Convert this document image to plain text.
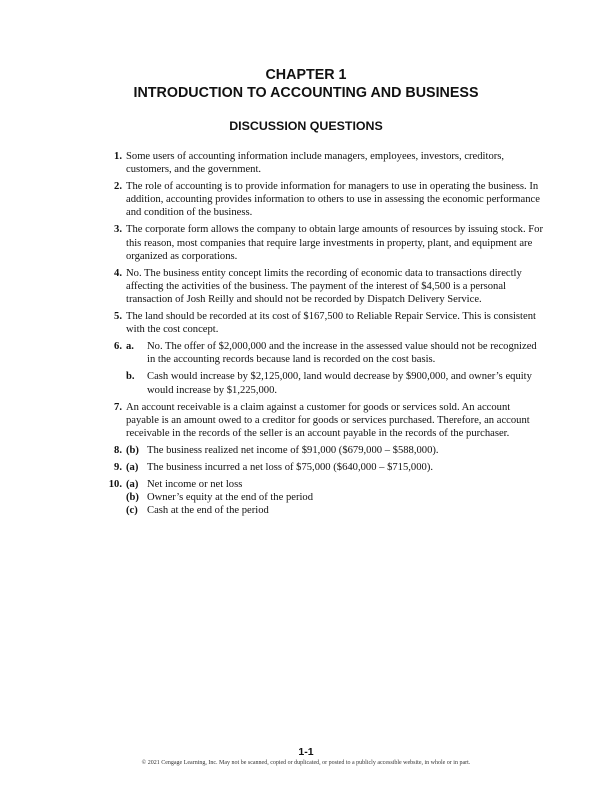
CHAPTER 1
INTRODUCTION TO ACCOUNTING AND BUSINESS
DISCUSSION QUESTIONS
1. Some users of accounting information include managers, employees, investors, creditors, customers, and the government.
2. The role of accounting is to provide information for managers to use in operating the business. In addition, accounting provides information to others to use in assessing the economic performance and condition of the business.
3. The corporate form allows the company to obtain large amounts of resources by issuing stock. For this reason, most companies that require large investments in property, plant, and equipment are organized as corporations.
4. No. The business entity concept limits the recording of economic data to transactions directly affecting the activities of the business. The payment of the interest of $4,500 is a personal transaction of Josh Reilly and should not be recorded by Dispatch Delivery Service.
5. The land should be recorded at its cost of $167,500 to Reliable Repair Service. This is consistent with the cost concept.
6. a.	No. The offer of $2,000,000 and the increase in the assessed value should not be recognized in the accounting records because land is recorded on the cost basis.
b.	Cash would increase by $2,125,000, land would decrease by $900,000, and owner’s equity would increase by $1,225,000.
7. An account receivable is a claim against a customer for goods or services sold. An account payable is an amount owed to a creditor for goods or services purchased. Therefore, an account receivable in the records of the seller is an account payable in the records of the purchaser.
8. (b) The business realized net income of $91,000 ($679,000 – $588,000).
9. (a) The business incurred a net loss of $75,000 ($640,000 – $715,000).
10. (a) Net income or net loss
(b) Owner’s equity at the end of the period
(c) Cash at the end of the period
1-1
© 2021 Cengage Learning, Inc. May not be scanned, copied or duplicated, or posted to a publicly accessible website, in whole or in part.
